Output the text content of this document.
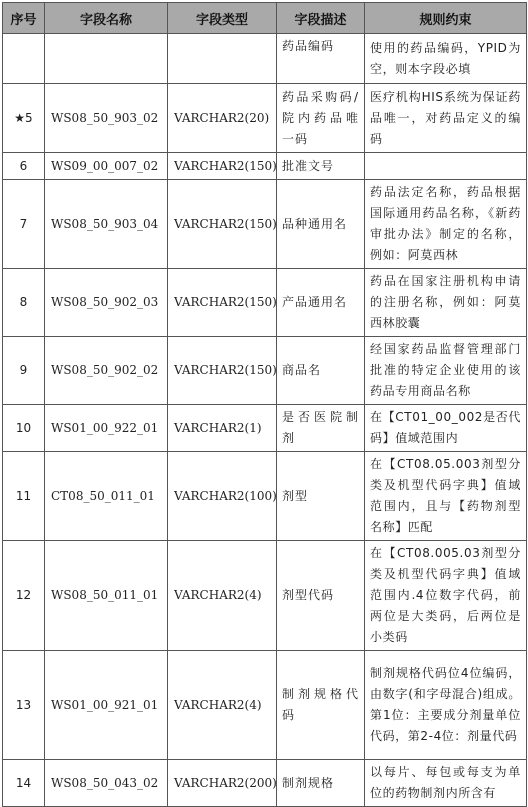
序号	字段名称	字段类型	字段描述	规则约束
			药品编码	使用的药品编码，YPID为空，则本字段必填
★5	WS08_50_903_02	VARCHAR2(20)	药品采购码/院内药品唯一码	医疗机构HIS系统为保证药品唯一，对药品定义的编码
6	WS09_00_007_02	VARCHAR2(150)	批准文号	
7	WS08_50_903_04	VARCHAR2(150)	品种通用名	药品法定名称，药品根据国际通用药品名称，《新药审批办法》制定的名称，例如：阿莫西林
8	WS08_50_902_03	VARCHAR2(150)	产品通用名	药品在国家注册机构申请的注册名称，例如：阿莫西林胶囊
9	WS08_50_902_02	VARCHAR2(150)	商品名	经国家药品监督管理部门批准的特定企业使用的该药品专用商品名称
10	WS01_00_922_01	VARCHAR2(1)	是否医院制剂	在【CT01_00_002是否代码】值域范围内
11	CT08_50_011_01	VARCHAR2(100)	剂型	在【CT08.05.003剂型分类及机型代码字典】值域范围内，且与【药物剂型名称】匹配
12	WS08_50_011_01	VARCHAR2(4)	剂型代码	在【CT08.005.03剂型分类及机型代码字典】值域范围内.4位数字代码，前两位是大类码，后两位是小类码
13	WS01_00_921_01	VARCHAR2(4)	制剂规格代码	制剂规格代码位4位编码，由数字(和字母混合)组成。第1位：主要成分剂量单位代码，第2-4位：剂量代码
14	WS08_50_043_02	VARCHAR2(200)	制剂规格	以每片、每包或每支为单位的药物制剂内所含有
